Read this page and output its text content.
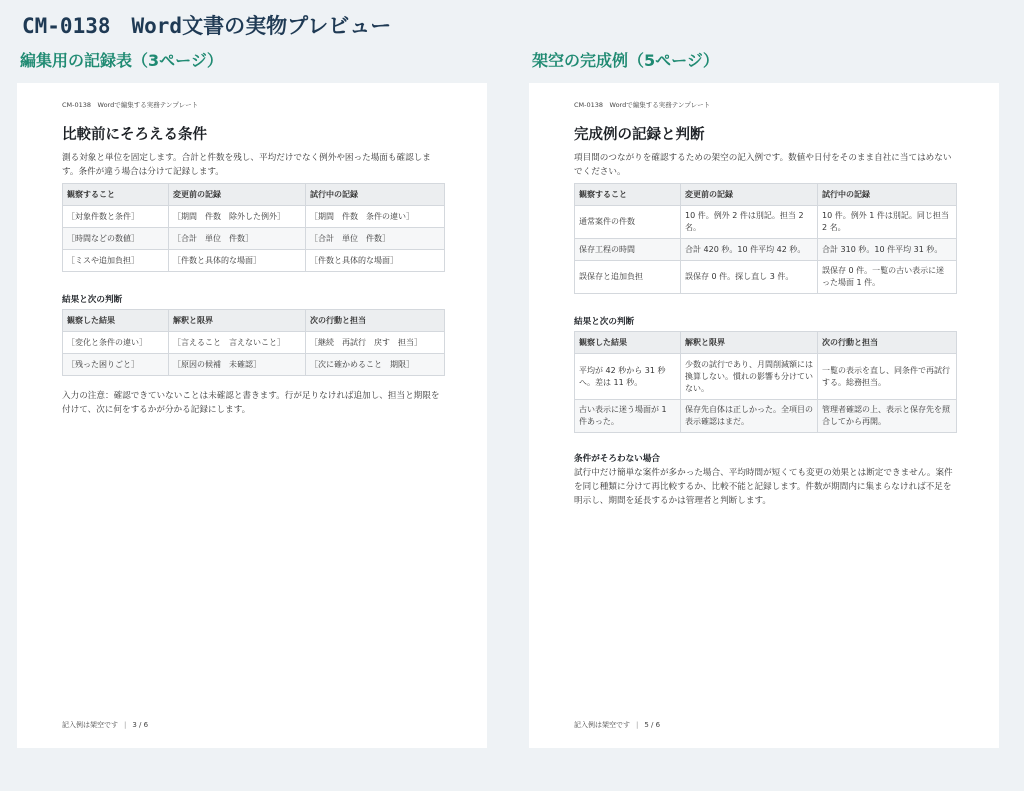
CM-0138　Word文書の実物プレビュー
編集用の記録表（3ページ）	架空の完成例（5ページ）
CM-0138　Wordで編集する実務テンプレート
比較前にそろえる条件
測る対象と単位を固定します。合計と件数を残し、平均だけでなく例外や困った場面も確認します。条件が違う場合は分けて記録します。
観察すること	変更前の記録	試行中の記録
［対象件数と条件］	［期間　件数　除外した例外］	［期間　件数　条件の違い］
［時間などの数値］	［合計　単位　件数］	［合計　単位　件数］
［ミスや追加負担］	［件数と具体的な場面］	［件数と具体的な場面］
結果と次の判断
観察した結果	解釈と限界	次の行動と担当
［変化と条件の違い］	［言えること　言えないこと］	［継続　再試行　戻す　担当］
［残った困りごと］	［原因の候補　未確認］	［次に確かめること　期限］
入力の注意：確認できていないことは未確認と書きます。行が足りなければ追加し、担当と期限を付けて、次に何をするかが分かる記録にします。
記入例は架空です | 3 / 6
CM-0138　Wordで編集する実務テンプレート
完成例の記録と判断
項目間のつながりを確認するための架空の記入例です。数値や日付をそのまま自社に当てはめないでください。
観察すること	変更前の記録	試行中の記録
通常案件の件数	10 件。例外 2 件は別記。担当 2 名。	10 件。例外 1 件は別記。同じ担当 2 名。
保存工程の時間	合計 420 秒。10 件平均 42 秒。	合計 310 秒。10 件平均 31 秒。
誤保存と追加負担	誤保存 0 件。探し直し 3 件。	誤保存 0 件。一覧の古い表示に迷った場面 1 件。
結果と次の判断
観察した結果	解釈と限界	次の行動と担当
平均が 42 秒から 31 秒へ。差は 11 秒。	少数の試行であり、月間削減額には換算しない。慣れの影響も分けていない。	一覧の表示を直し、同条件で再試行する。総務担当。
古い表示に迷う場面が 1 件あった。	保存先自体は正しかった。全項目の表示確認はまだ。	管理者確認の上、表示と保存先を照合してから再開。
条件がそろわない場合
試行中だけ簡単な案件が多かった場合、平均時間が短くても変更の効果とは断定できません。案件を同じ種類に分けて再比較するか、比較不能と記録します。件数が期間内に集まらなければ不足を明示し、期間を延長するかは管理者と判断します。
記入例は架空です | 5 / 6
